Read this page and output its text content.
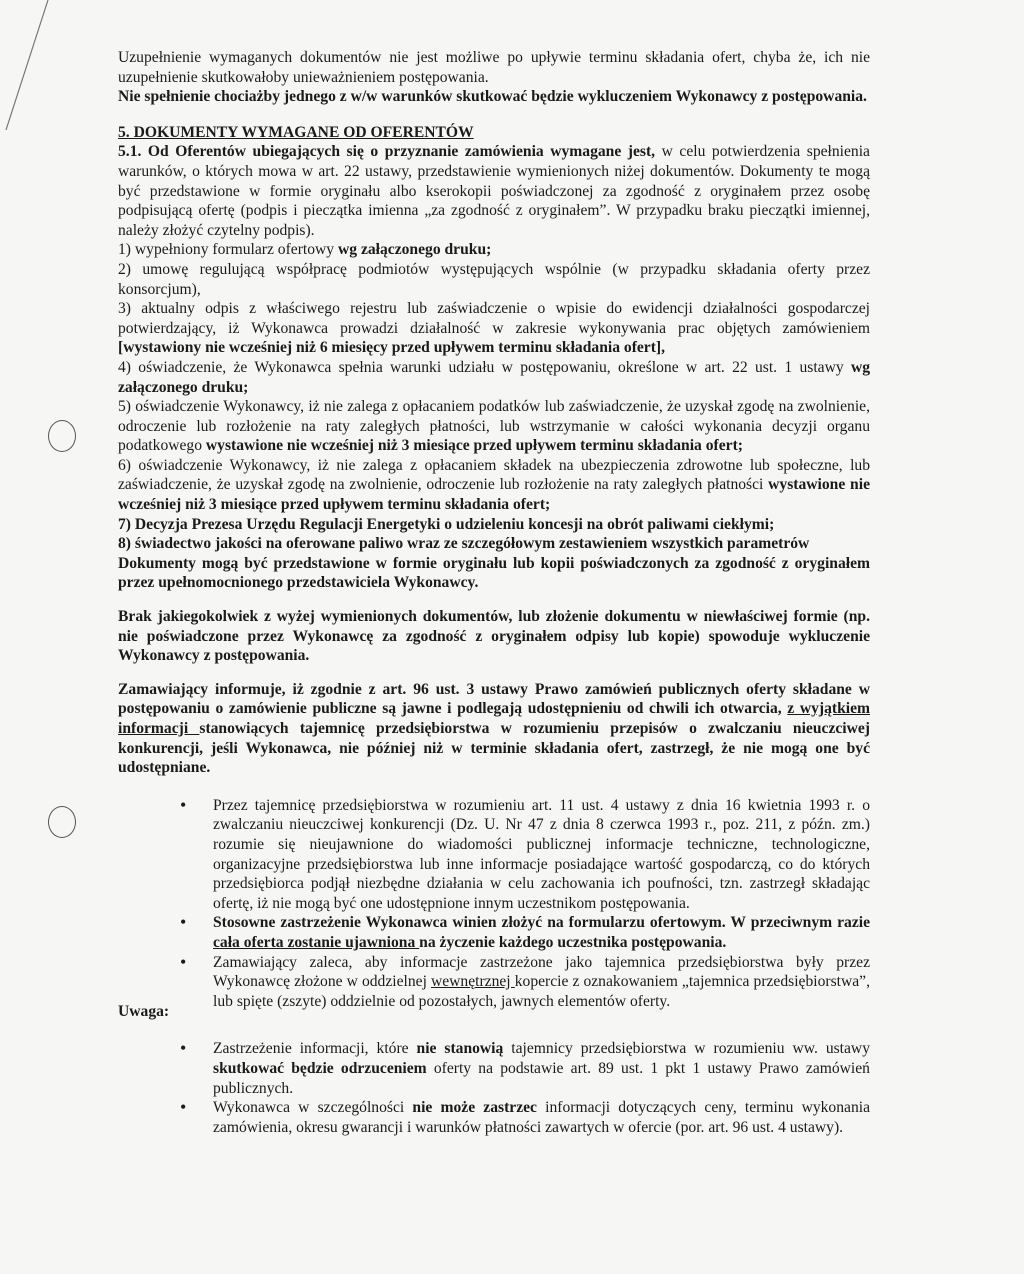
Uzupełnienie wymaganych dokumentów nie jest możliwe po upływie terminu składania ofert, chyba że, ich nie uzupełnienie skutkowałoby unieważnieniem postępowania.

Nie spełnienie chociażby jednego z w/w warunków skutkować będzie wykluczeniem Wykonawcy z postępowania.

5. DOKUMENTY WYMAGANE OD OFERENTÓW

5.1. Od Oferentów ubiegających się o przyznanie zamówienia wymagane jest, w celu potwierdzenia spełnienia warunków, o których mowa w art. 22 ustawy, przedstawienie wymienionych niżej dokumentów. Dokumenty te mogą być przedstawione w formie oryginału albo kserokopii poświadczonej za zgodność z oryginałem przez osobę podpisującą ofertę (podpis i pieczątka imienna „za zgodność z oryginałem”. W przypadku braku pieczątki imiennej, należy złożyć czytelny podpis).

1) wypełniony formularz ofertowy wg załączonego druku;

2) umowę regulującą współpracę podmiotów występujących wspólnie (w przypadku składania oferty przez konsorcjum),

3) aktualny odpis z właściwego rejestru lub zaświadczenie o wpisie do ewidencji działalności gospodarczej potwierdzający, iż Wykonawca prowadzi działalność w zakresie wykonywania prac objętych zamówieniem [wystawiony nie wcześniej niż 6 miesięcy przed upływem terminu składania ofert],

4) oświadczenie, że Wykonawca spełnia warunki udziału w postępowaniu, określone w art. 22 ust. 1 ustawy wg załączonego druku;

5) oświadczenie Wykonawcy, iż nie zalega z opłacaniem podatków lub zaświadczenie, że uzyskał zgodę na zwolnienie, odroczenie lub rozłożenie na raty zaległych płatności, lub wstrzymanie w całości wykonania decyzji organu podatkowego wystawione nie wcześniej niż 3 miesiące przed upływem terminu składania ofert;

6) oświadczenie Wykonawcy, iż nie zalega z opłacaniem składek na ubezpieczenia zdrowotne lub społeczne, lub zaświadczenie, że uzyskał zgodę na zwolnienie, odroczenie lub rozłożenie na raty zaległych płatności wystawione nie wcześniej niż 3 miesiące przed upływem terminu składania ofert;

7) Decyzja Prezesa Urzędu Regulacji Energetyki o udzieleniu koncesji na obrót paliwami ciekłymi;

8) świadectwo jakości na oferowane paliwo wraz ze szczegółowym zestawieniem wszystkich parametrów

Dokumenty mogą być przedstawione w formie oryginału lub kopii poświadczonych za zgodność z oryginałem przez upełnomocnionego przedstawiciela Wykonawcy.

Brak jakiegokolwiek z wyżej wymienionych dokumentów, lub złożenie dokumentu w niewłaściwej formie (np. nie poświadczone przez Wykonawcę za zgodność z oryginałem odpisy lub kopie) spowoduje wykluczenie Wykonawcy z postępowania.

Zamawiający informuje, iż zgodnie z art. 96 ust. 3 ustawy Prawo zamówień publicznych oferty składane w postępowaniu o zamówienie publiczne są jawne i podlegają udostępnieniu od chwili ich otwarcia, z wyjątkiem informacji stanowiących tajemnicę przedsiębiorstwa w rozumieniu przepisów o zwalczaniu nieuczciwej konkurencji, jeśli Wykonawca, nie później niż w terminie składania ofert, zastrzegł, że nie mogą one być udostępniane.

Uwaga:
• Przez tajemnicę przedsiębiorstwa w rozumieniu art. 11 ust. 4 ustawy z dnia 16 kwietnia 1993 r. o zwalczaniu nieuczciwej konkurencji (Dz. U. Nr 47 z dnia 8 czerwca 1993 r., poz. 211, z późn. zm.) rozumie się nieujawnione do wiadomości publicznej informacje techniczne, technologiczne, organizacyjne przedsiębiorstwa lub inne informacje posiadające wartość gospodarczą, co do których przedsiębiorca podjął niezbędne działania w celu zachowania ich poufności, tzn. zastrzegł składając ofertę, iż nie mogą być one udostępnione innym uczestnikom postępowania.
• Stosowne zastrzeżenie Wykonawca winien złożyć na formularzu ofertowym. W przeciwnym razie cała oferta zostanie ujawniona na życzenie każdego uczestnika postępowania.
• Zamawiający zaleca, aby informacje zastrzeżone jako tajemnica przedsiębiorstwa były przez Wykonawcę złożone w oddzielnej wewnętrznej kopercie z oznakowaniem „tajemnica przedsiębiorstwa”, lub spięte (zszyte) oddzielnie od pozostałych, jawnych elementów oferty.
• Zastrzeżenie informacji, które nie stanowią tajemnicy przedsiębiorstwa w rozumieniu ww. ustawy skutkować będzie odrzuceniem oferty na podstawie art. 89 ust. 1 pkt 1 ustawy Prawo zamówień publicznych.
• Wykonawca w szczególności nie może zastrzec informacji dotyczących ceny, terminu wykonania zamówienia, okresu gwarancji i warunków płatności zawartych w ofercie (por. art. 96 ust. 4 ustawy).
